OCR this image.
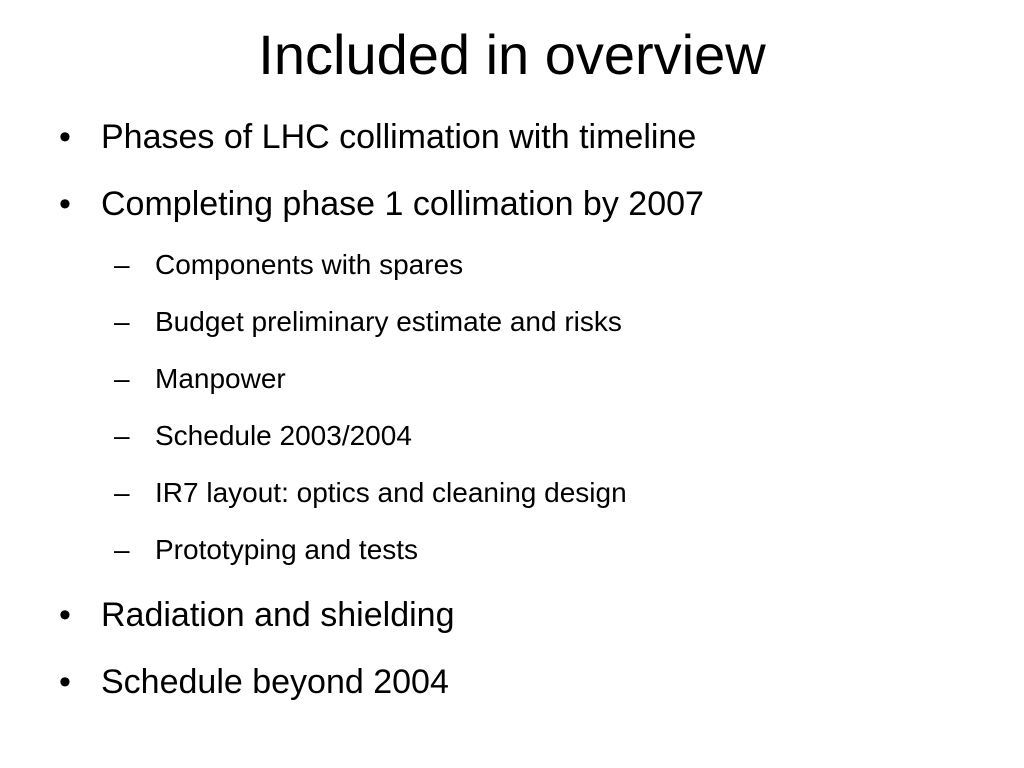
Included in overview
• Phases of LHC collimation with timeline
• Completing phase 1 collimation by 2007
– Components with spares
– Budget preliminary estimate and risks
– Manpower
– Schedule 2003/2004
– IR7 layout: optics and cleaning design
– Prototyping and tests
• Radiation and shielding
• Schedule beyond 2004
